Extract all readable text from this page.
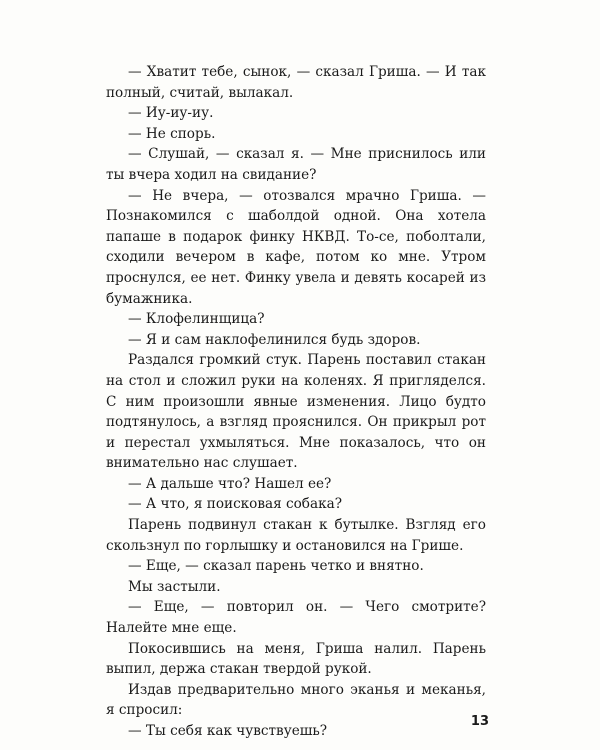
— Хватит тебе, сынок, — сказал Гриша. — И так полный, считай, вылакал.

— Иу-иу-иу.

— Не спорь.

— Слушай, — сказал я. — Мне приснилось или ты вчера ходил на свидание?

— Не вчера, — отозвался мрачно Гриша. — Познакомился с шаболдой одной. Она хотела папаше в подарок финку НКВД. То-се, поболтали, сходили вечером в кафе, потом ко мне. Утром проснулся, ее нет. Финку увела и девять косарей из бумажника.

— Клофелинщица?

— Я и сам наклофелинился будь здоров.

Раздался громкий стук. Парень поставил стакан на стол и сложил руки на коленях. Я пригляделся. С ним произошли явные изменения. Лицо будто подтянулось, а взгляд прояснился. Он прикрыл рот и перестал ухмыляться. Мне показалось, что он внимательно нас слушает.

— А дальше что? Нашел ее?

— А что, я поисковая собака?

Парень подвинул стакан к бутылке. Взгляд его скользнул по горлышку и остановился на Грише.

— Еще, — сказал парень четко и внятно.

Мы застыли.

— Еще, — повторил он. — Чего смотрите? Налейте мне еще.

Покосившись на меня, Гриша налил. Парень выпил, держа стакан твердой рукой.

Издав предварительно много эканья и меканья, я спросил:

— Ты себя как чувствуешь?

13
